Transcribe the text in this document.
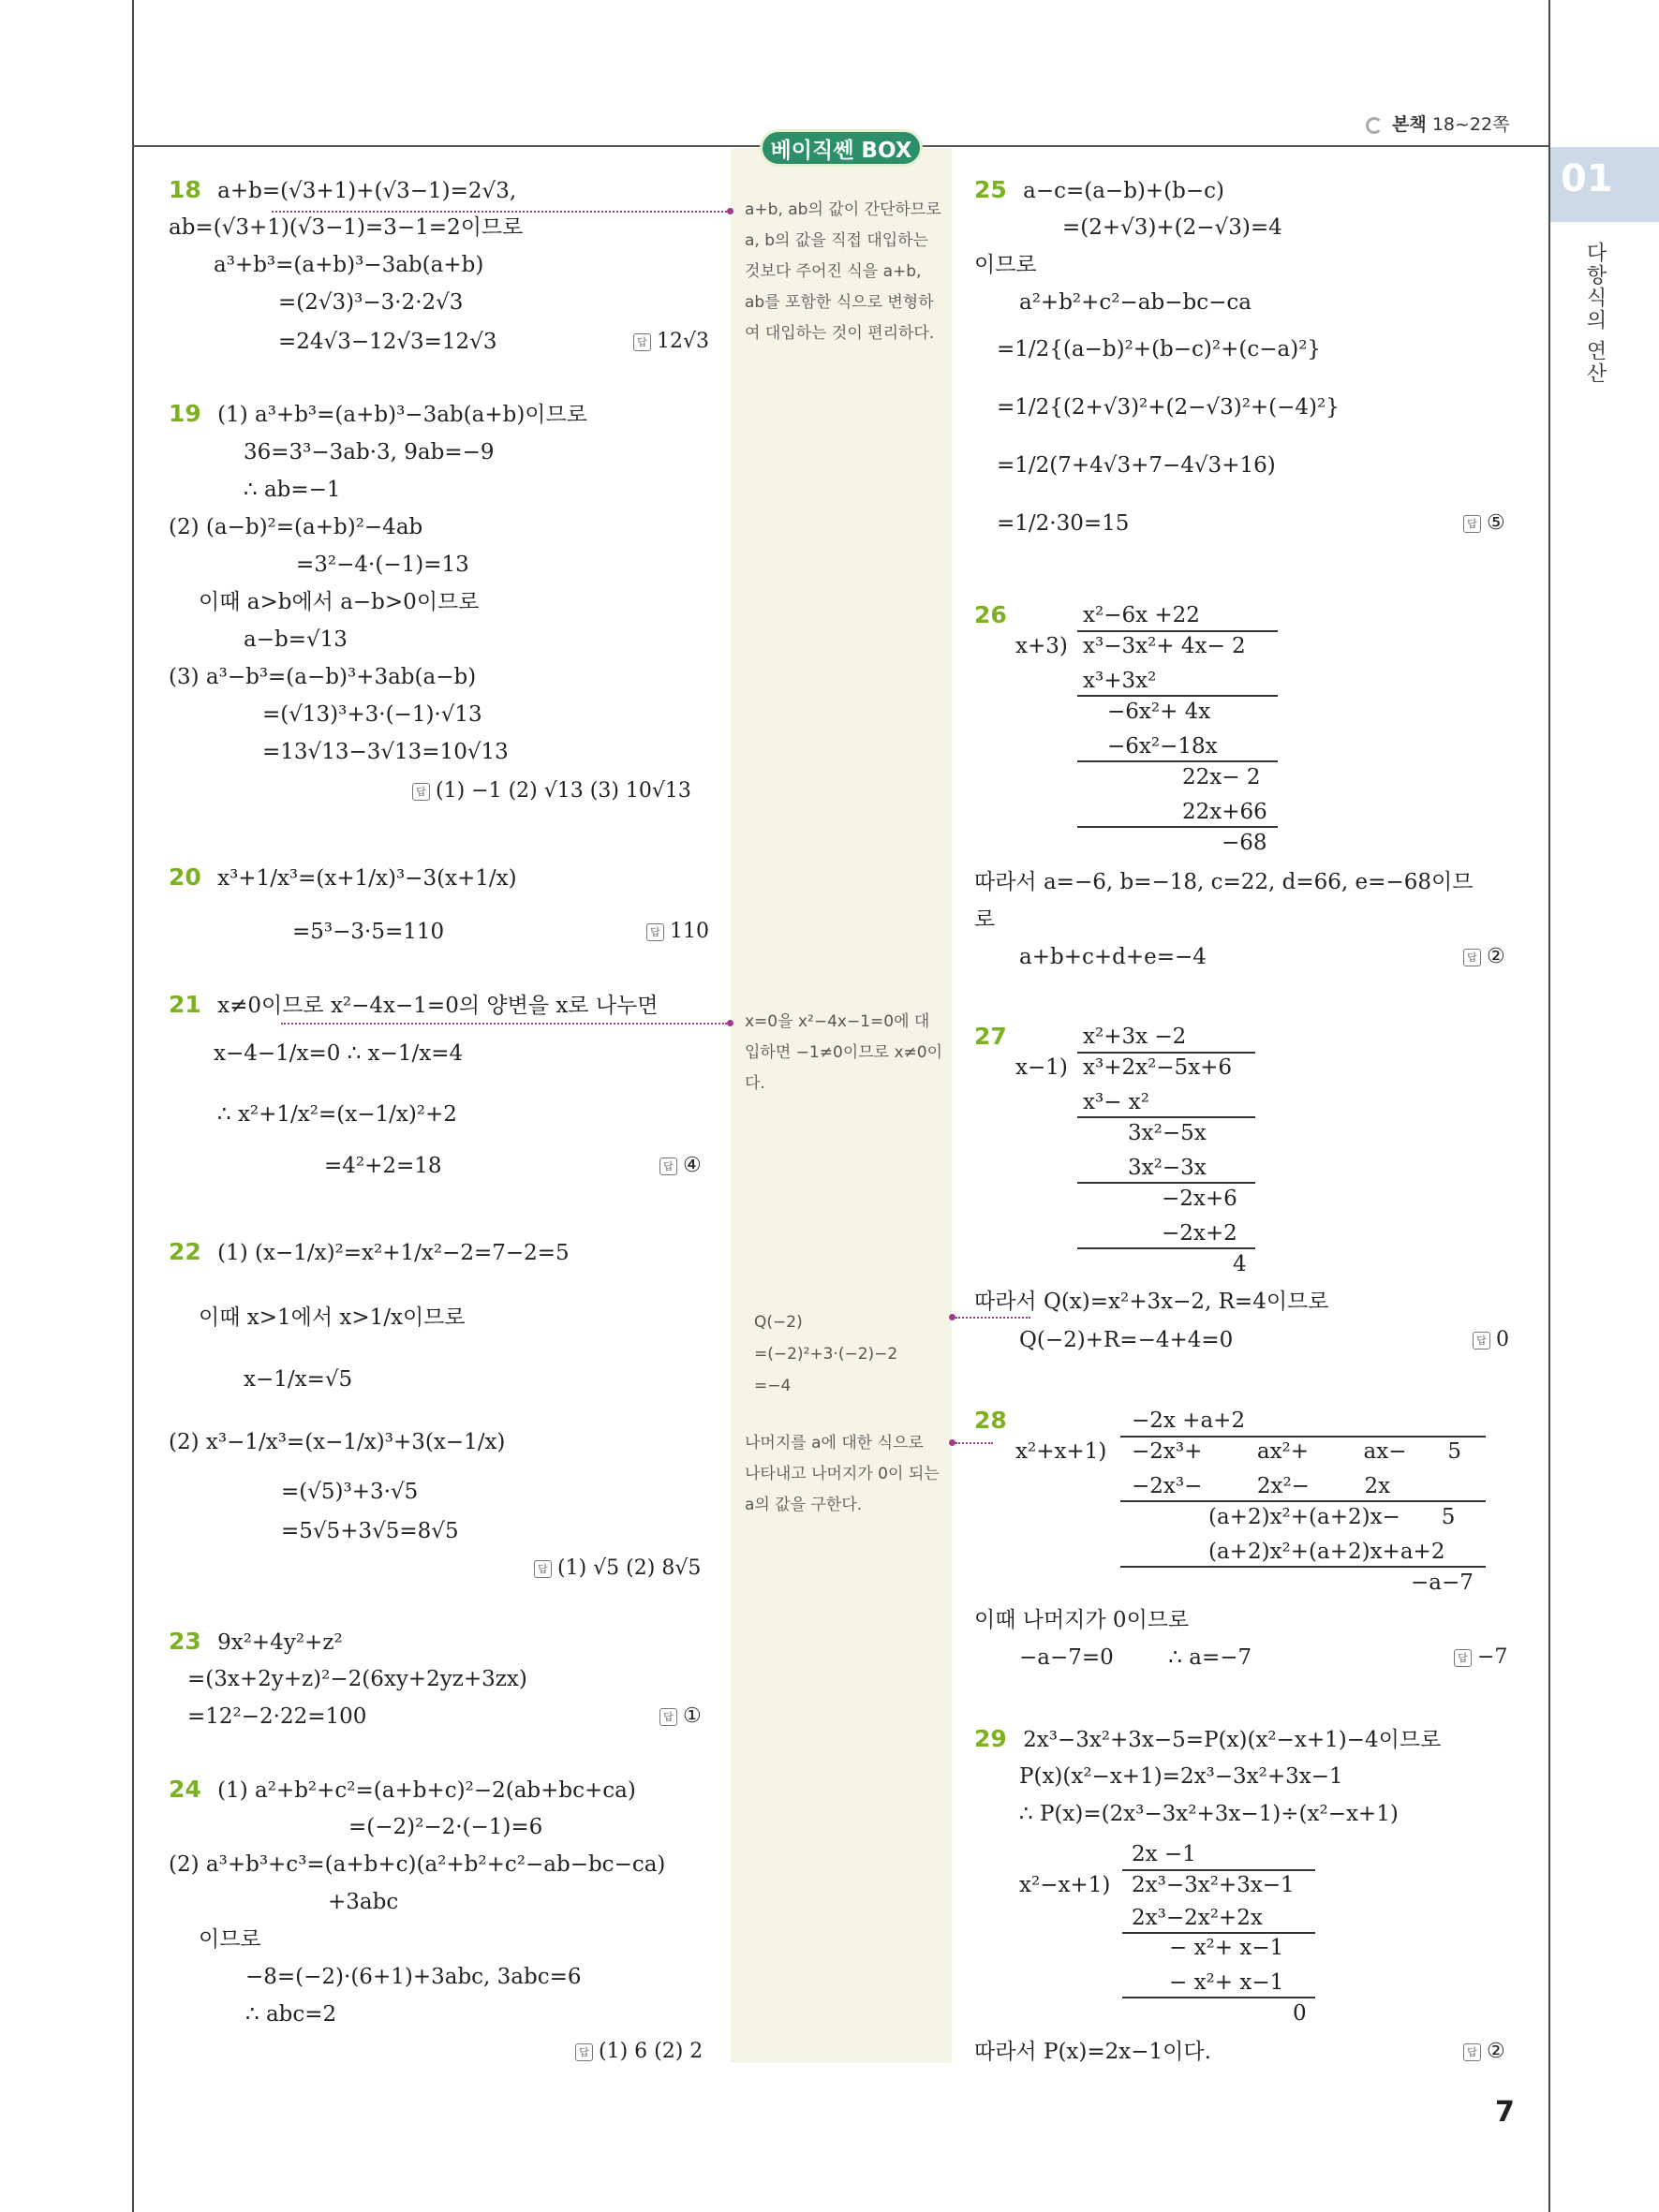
본책 18~22쪽
01
다항식의 연산
베이직쎈 BOX
a+b, ab의 값이 간단하므로 a, b의 값을 직접 대입하는 것보다 주어진 식을 a+b, ab를 포함한 식으로 변형하여 대입하는 것이 편리하다.
x=0을 x²−4x−1=0에 대입하면 −1≠0이므로 x≠0이다.
Q(−2)
=(−2)²+3·(−2)−2
=−4
나머지를 a에 대한 식으로 나타내고 나머지가 0이 되는 a의 값을 구한다.
18 a+b=(√3+1)+(√3−1)=2√3,
ab=(√3+1)(√3−1)=3−1=2이므로
a³+b³=(a+b)³−3ab(a+b)
=(2√3)³−3·2·2√3
=24√3−12√3=12√3	답 12√3
19 (1) a³+b³=(a+b)³−3ab(a+b)이므로
36=3³−3ab·3, 9ab=−9
∴ ab=−1
(2) (a−b)²=(a+b)²−4ab
=3²−4·(−1)=13
이때 a>b에서 a−b>0이므로
a−b=√13
(3) a³−b³=(a−b)³+3ab(a−b)
=(√13)³+3·(−1)·√13
=13√13−3√13=10√13
답 (1) −1 (2) √13 (3) 10√13
20 x³+1/x³=(x+1/x)³−3(x+1/x)
=5³−3·5=110	답 110
21 x≠0이므로 x²−4x−1=0의 양변을 x로 나누면
x−4−1/x=0 ∴ x−1/x=4
∴ x²+1/x²=(x−1/x)²+2
=4²+2=18	답 ④
22 (1) (x−1/x)²=x²+1/x²−2=7−2=5
이때 x>1에서 x>1/x이므로
x−1/x=√5
(2) x³−1/x³=(x−1/x)³+3(x−1/x)
=(√5)³+3·√5
=5√5+3√5=8√5
답 (1) √5 (2) 8√5
23 9x²+4y²+z²
=(3x+2y+z)²−2(6xy+2yz+3zx)
=12²−2·22=100	답 ①
24 (1) a²+b²+c²=(a+b+c)²−2(ab+bc+ca)
=(−2)²−2·(−1)=6
(2) a³+b³+c³=(a+b+c)(a²+b²+c²−ab−bc−ca)
+3abc
이므로
−8=(−2)·(6+1)+3abc, 3abc=6
∴ abc=2
답 (1) 6 (2) 2
25 a−c=(a−b)+(b−c)
=(2+√3)+(2−√3)=4
이므로
a²+b²+c²−ab−bc−ca
=1/2{(a−b)²+(b−c)²+(c−a)²}
=1/2{(2+√3)²+(2−√3)²+(−4)²}
=1/2(7+4√3+7−4√3+16)
=1/2·30=15	답 ⑤
26	x²−6x +22
x+3) x³−3x²+ 4x− 2
x³+3x²
−6x²+ 4x
−6x²−18x
22x− 2
22x+66
−68
따라서 a=−6, b=−18, c=22, d=66, e=−68이므
로
a+b+c+d+e=−4	답 ②
27	x²+3x −2
x−1) x³+2x²−5x+6
x³− x²
3x²−5x
3x²−3x
−2x+6
−2x+2
4
따라서 Q(x)=x²+3x−2, R=4이므로
Q(−2)+R=−4+4=0	답 0
28	−2x +a+2
x²+x+1) −2x³+        ax²+        ax−      5
−2x³−        2x²−        2x
(a+2)x²+(a+2)x−      5
(a+2)x²+(a+2)x+a+2
−a−7
이때 나머지가 0이므로
−a−7=0        ∴ a=−7	답 −7
29 2x³−3x²+3x−5=P(x)(x²−x+1)−4이므로
P(x)(x²−x+1)=2x³−3x²+3x−1
∴ P(x)=(2x³−3x²+3x−1)÷(x²−x+1)
2x −1
x²−x+1) 2x³−3x²+3x−1
2x³−2x²+2x
− x²+ x−1
− x²+ x−1
0
따라서 P(x)=2x−1이다.	답 ②
7
